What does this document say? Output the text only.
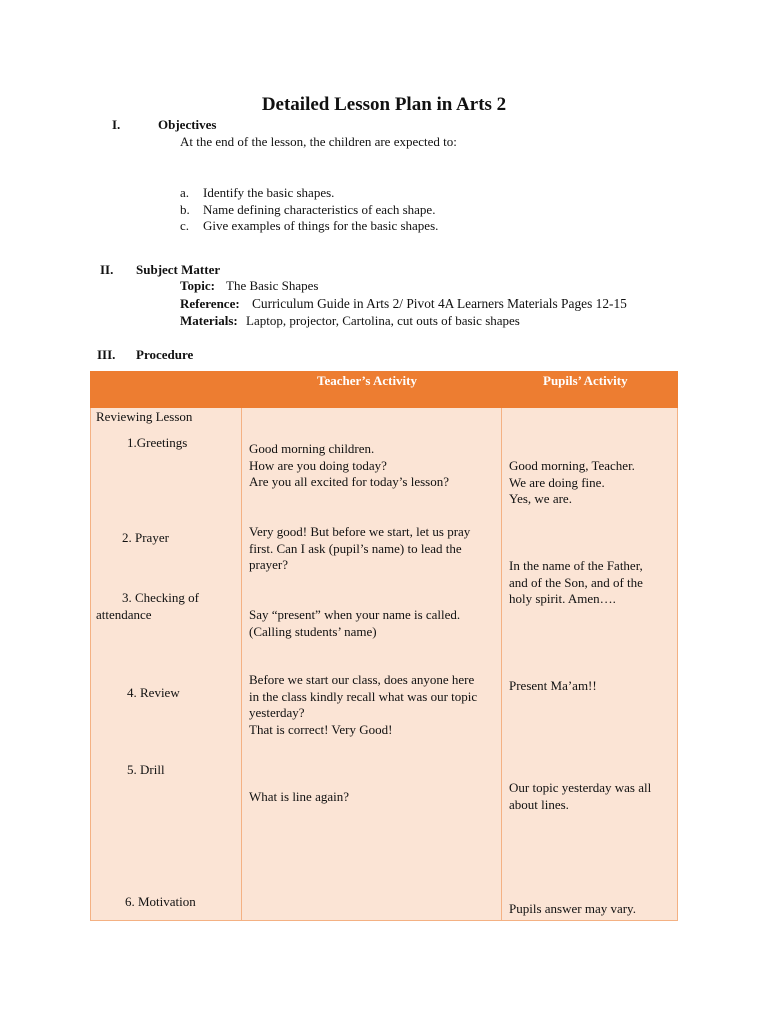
Detailed Lesson Plan in Arts 2
I.	Objectives
At the end of the lesson, the children are expected to:
a. Identify the basic shapes.
b. Name defining characteristics of each shape.
c. Give examples of things for the basic shapes.
II. Subject Matter
Topic: The Basic Shapes
Reference: Curriculum Guide in Arts 2/ Pivot 4A Learners Materials Pages 12-15
Materials: Laptop, projector, Cartolina, cut outs of basic shapes
III. Procedure
Teacher’s Activity	Pupils’ Activity
Reviewing Lesson
1.Greetings
2. Prayer
3. Checking of
attendance
4. Review
5. Drill
6. Motivation
Good morning children.
How are you doing today?
Are you all excited for today’s lesson?
Very good! But before we start, let us pray
first. Can I ask (pupil’s name) to lead the
prayer?
Say “present” when your name is called.
(Calling students’ name)
Before we start our class, does anyone here
in the class kindly recall what was our topic
yesterday?
That is correct! Very Good!
What is line again?
Good morning, Teacher.
We are doing fine.
Yes, we are.
In the name of the Father,
and of the Son, and of the
holy spirit. Amen….
Present Ma’am!!
Our topic yesterday was all
about lines.
Pupils answer may vary.
